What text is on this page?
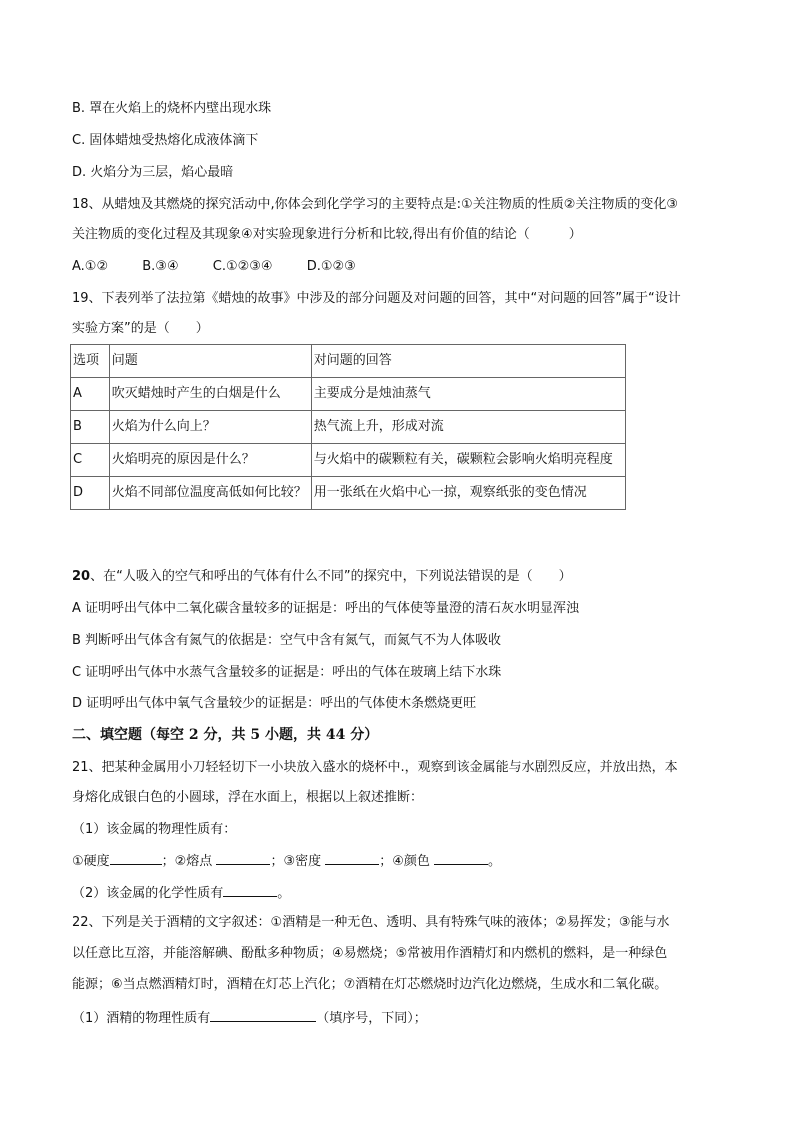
B. 罩在火焰上的烧杯内壁出现水珠
C. 固体蜡烛受热熔化成液体滴下
D. 火焰分为三层，焰心最暗
18、从蜡烛及其燃烧的探究活动中,你体会到化学学习的主要特点是:①关注物质的性质②关注物质的变化③
关注物质的变化过程及其现象④对实验现象进行分析和比较,得出有价值的结论（　　　）
A.①②	B.③④	C.①②③④	D.①②③
19、下表列举了法拉第《蜡烛的故事》中涉及的部分问题及对问题的回答，其中“对问题的回答”属于“设计
实验方案”的是（　　）
选项	问题	对问题的回答
A	吹灭蜡烛时产生的白烟是什么	主要成分是烛油蒸气
B	火焰为什么向上？	热气流上升，形成对流
C	火焰明亮的原因是什么？	与火焰中的碳颗粒有关，碳颗粒会影响火焰明亮程度
D	火焰不同部位温度高低如何比较？	用一张纸在火焰中心一掠，观察纸张的变色情况
20、在“人吸入的空气和呼出的气体有什么不同”的探究中，下列说法错误的是（　　）
A 证明呼出气体中二氧化碳含量较多的证据是：呼出的气体使等量澄的清石灰水明显浑浊
B 判断呼出气体含有氮气的依据是：空气中含有氮气，而氮气不为人体吸收
C 证明呼出气体中水蒸气含量较多的证据是：呼出的气体在玻璃上结下水珠
D 证明呼出气体中氧气含量较少的证据是：呼出的气体使木条燃烧更旺
二、填空题（每空 2 分，共 5 小题，共 44 分）
21、把某种金属用小刀轻轻切下一小块放入盛水的烧杯中.，观察到该金属能与水剧烈反应，并放出热，本
身熔化成银白色的小圆球，浮在水面上，根据以上叙述推断：
（1）该金属的物理性质有：
①硬度	；②熔点	；③密度	；④颜色	。
（2）该金属的化学性质有	。
22、下列是关于酒精的文字叙述：①酒精是一种无色、透明、具有特殊气味的液体；②易挥发；③能与水
以任意比互溶，并能溶解碘、酚酞多种物质；④易燃烧；⑤常被用作酒精灯和内燃机的燃料，是一种绿色
能源；⑥当点燃酒精灯时，酒精在灯芯上汽化；⑦酒精在灯芯燃烧时边汽化边燃烧，生成水和二氧化碳。
（1）酒精的物理性质有	（填序号，下同）；
